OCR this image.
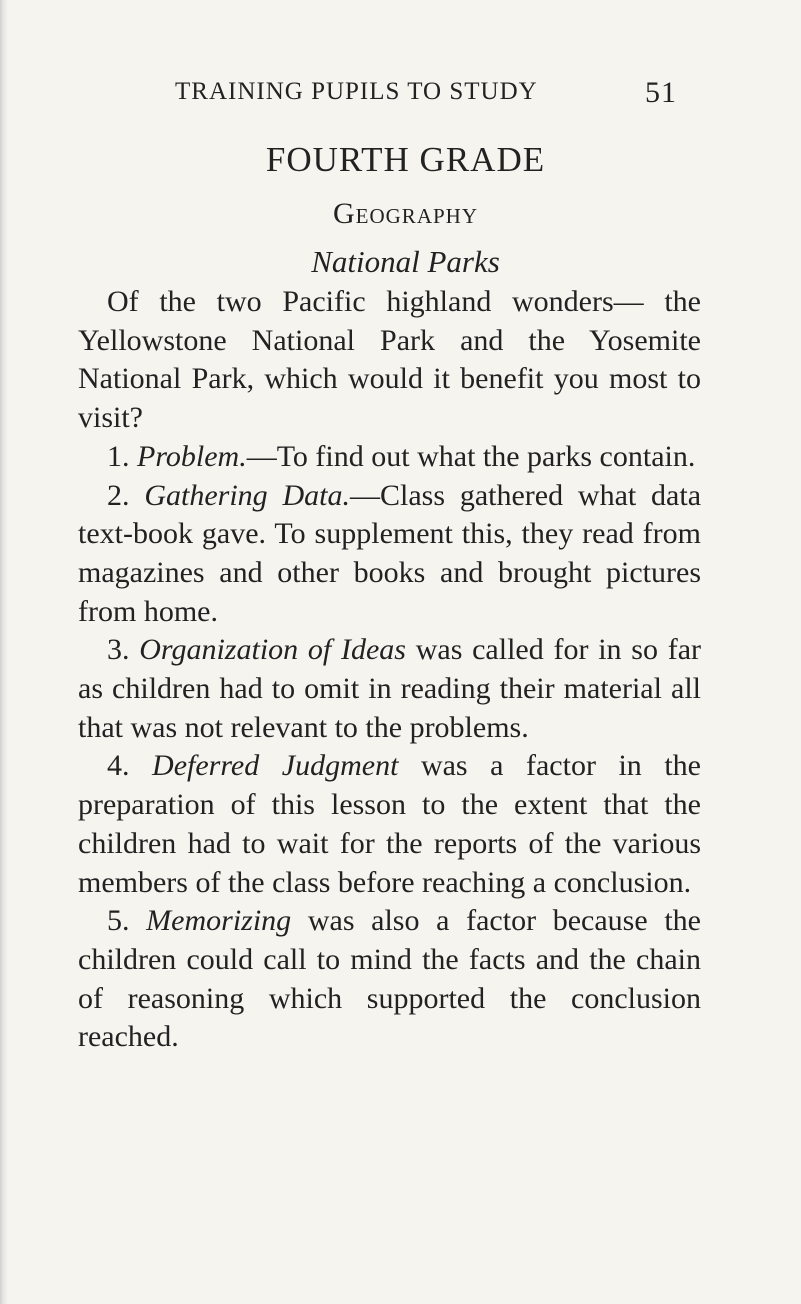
TRAINING PUPILS TO STUDY	51
FOURTH GRADE
Geography
National Parks

Of the two Pacific highland wonders— the Yellowstone National Park and the Yosemite National Park, which would it benefit you most to visit?

1. Problem.—To find out what the parks contain.

2. Gathering Data.—Class gathered what data text-book gave. To supplement this, they read from magazines and other books and brought pictures from home.

3. Organization of Ideas was called for in so far as children had to omit in reading their material all that was not relevant to the problems.

4. Deferred Judgment was a factor in the preparation of this lesson to the extent that the children had to wait for the reports of the various members of the class before reaching a conclusion.

5. Memorizing was also a factor because the children could call to mind the facts and the chain of reasoning which supported the conclusion reached.
